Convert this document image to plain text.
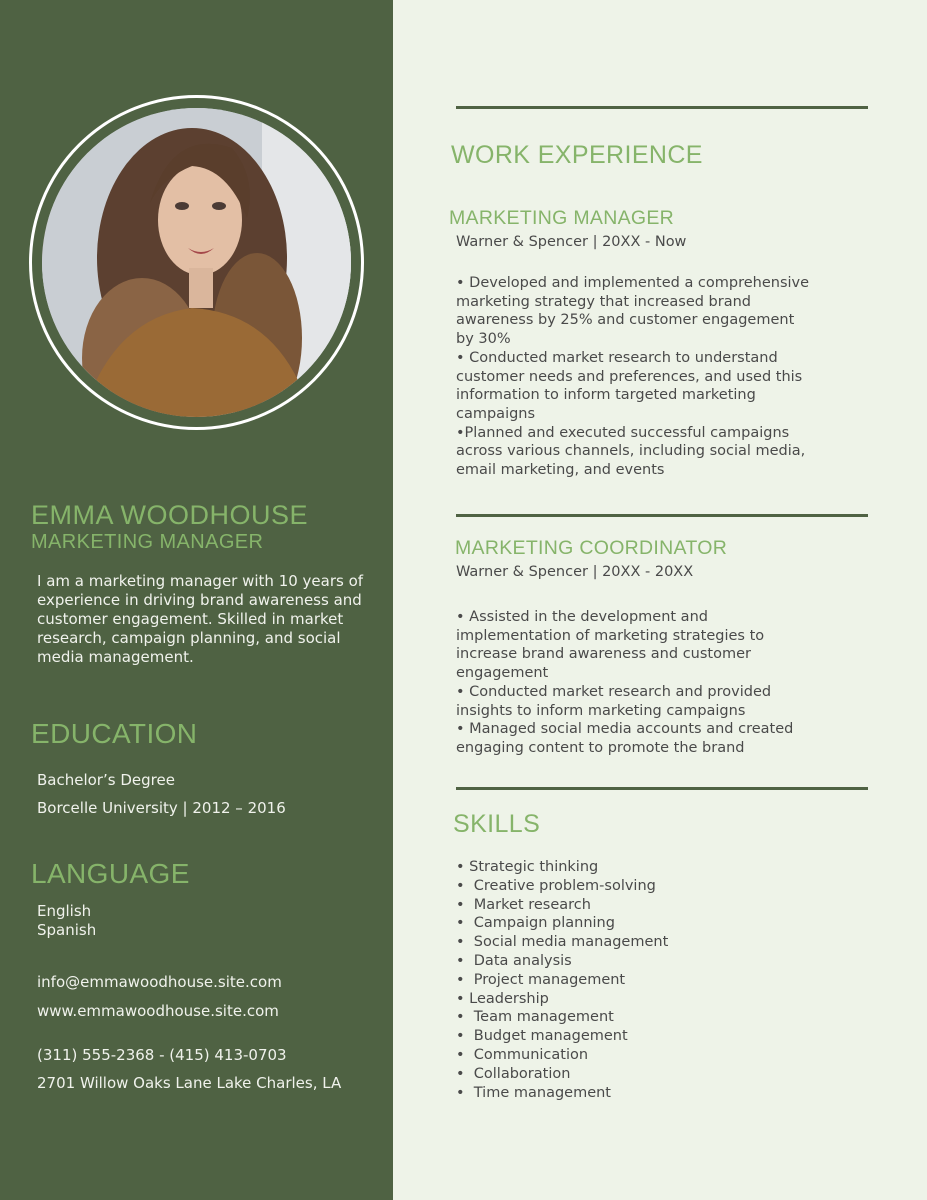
EMMA WOODHOUSE
MARKETING MANAGER
I am a marketing manager with 10 years of experience in driving brand awareness and customer engagement. Skilled in market research, campaign planning, and social media management.
EDUCATION
Bachelor’s Degree
Borcelle University | 2012 – 2016
LANGUAGE
English
Spanish
info@emmawoodhouse.site.com
www.emmawoodhouse.site.com
(311) 555-2368 - (415) 413-0703
2701 Willow Oaks Lane Lake Charles, LA
WORK EXPERIENCE
MARKETING MANAGER
Warner & Spencer | 20XX - Now
• Developed and implemented a comprehensive
marketing strategy that increased brand
awareness by 25% and customer engagement
by 30%
• Conducted market research to understand
customer needs and preferences, and used this
information to inform targeted marketing
campaigns
•Planned and executed successful campaigns
across various channels, including social media,
email marketing, and events
MARKETING COORDINATOR
Warner & Spencer | 20XX - 20XX
• Assisted in the development and
implementation of marketing strategies to
increase brand awareness and customer
engagement
• Conducted market research and provided
insights to inform marketing campaigns
• Managed social media accounts and created
engaging content to promote the brand
SKILLS
• Strategic thinking
•  Creative problem-solving
•  Market research
•  Campaign planning
•  Social media management
•  Data analysis
•  Project management
• Leadership
•  Team management
•  Budget management
•  Communication
•  Collaboration
•  Time management
